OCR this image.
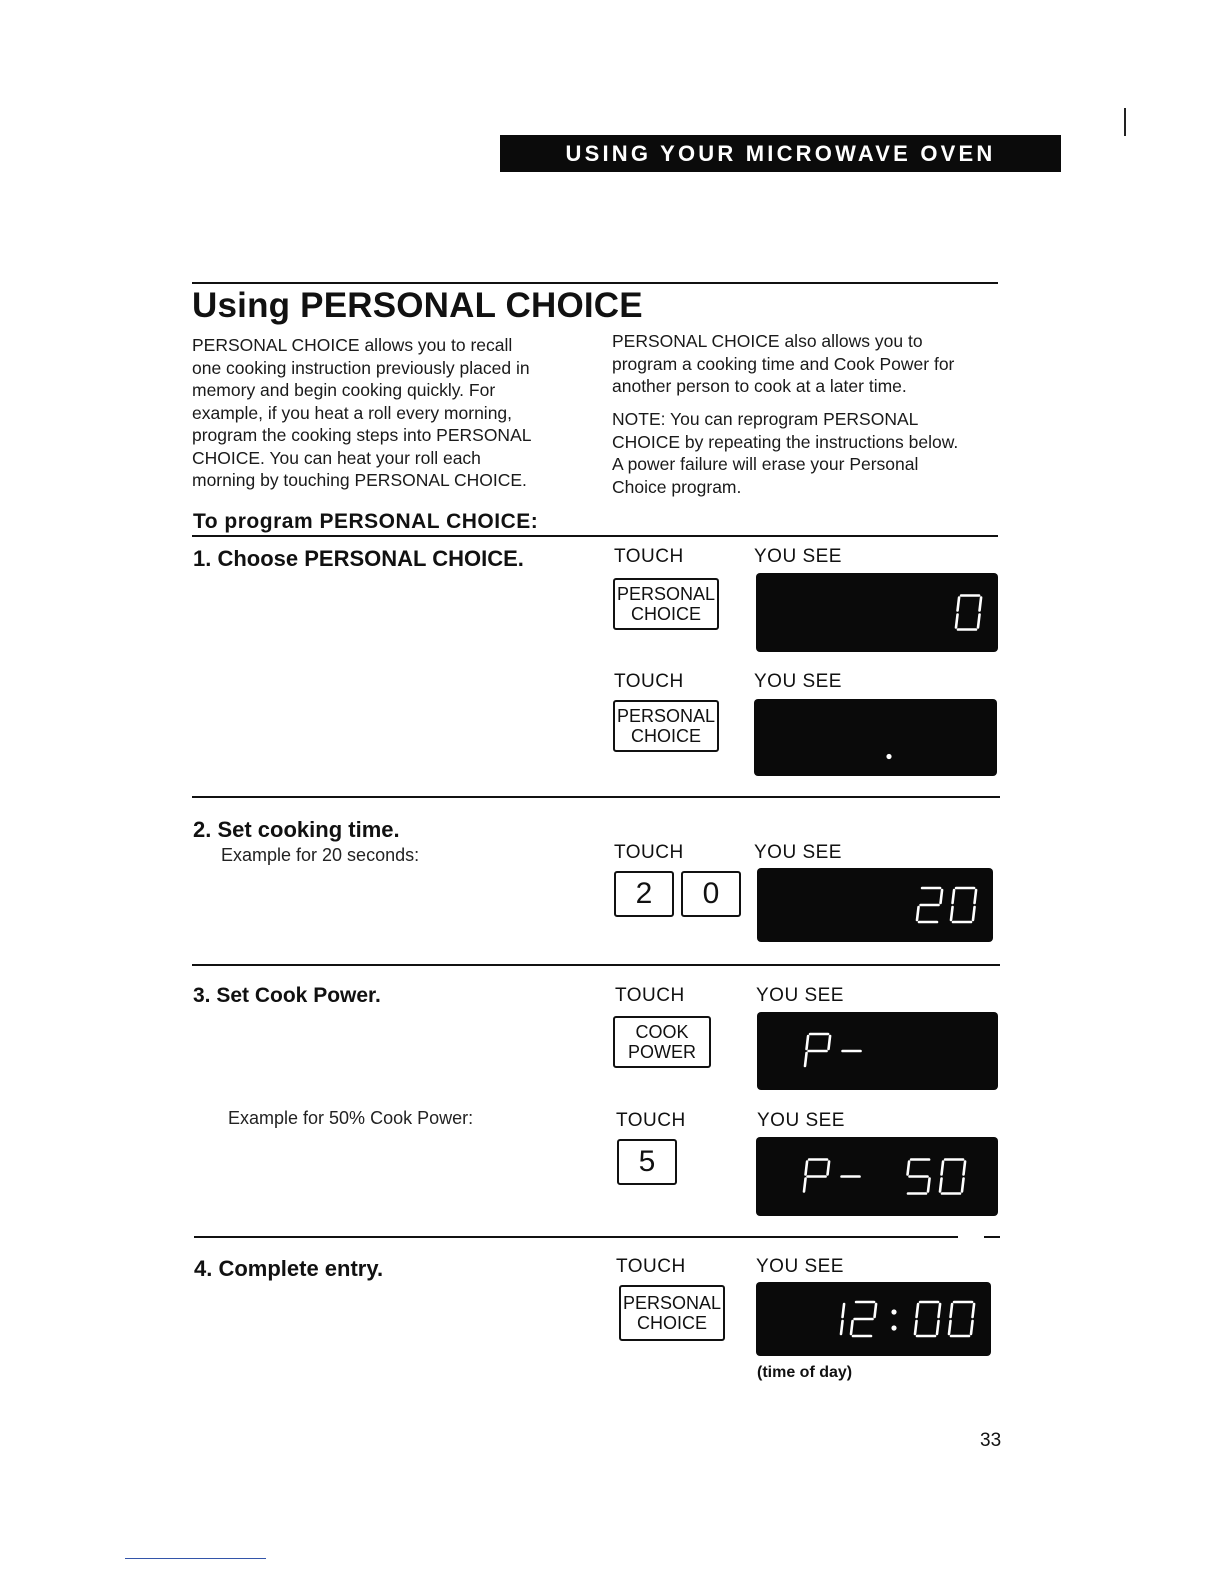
USING YOUR MICROWAVE OVEN
Using PERSONAL CHOICE

PERSONAL CHOICE allows you to recall

one cooking instruction previously placed in

memory and begin cooking quickly. For

example, if you heat a roll every morning,

program the cooking steps into PERSONAL

CHOICE. You can heat your roll each

morning by touching PERSONAL CHOICE.

PERSONAL CHOICE also allows you to

program a cooking time and Cook Power for

another person to cook at a later time.

NOTE: You can reprogram PERSONAL

CHOICE by repeating the instructions below.

A power failure will erase your Personal

Choice program.

To program PERSONAL CHOICE:
1. Choose PERSONAL CHOICE.	TOUCH	YOU SEE
PERSONAL
CHOICE
TOUCH	YOU SEE
PERSONAL
CHOICE
2. Set cooking time.
Example for 20 seconds:	TOUCH	YOU SEE
2 0
3. Set Cook Power.	TOUCH	YOU SEE
COOK
POWER
Example for 50% Cook Power:	TOUCH	YOU SEE
5
4. Complete entry.	TOUCH	YOU SEE
PERSONAL
CHOICE
(time of day)
33
